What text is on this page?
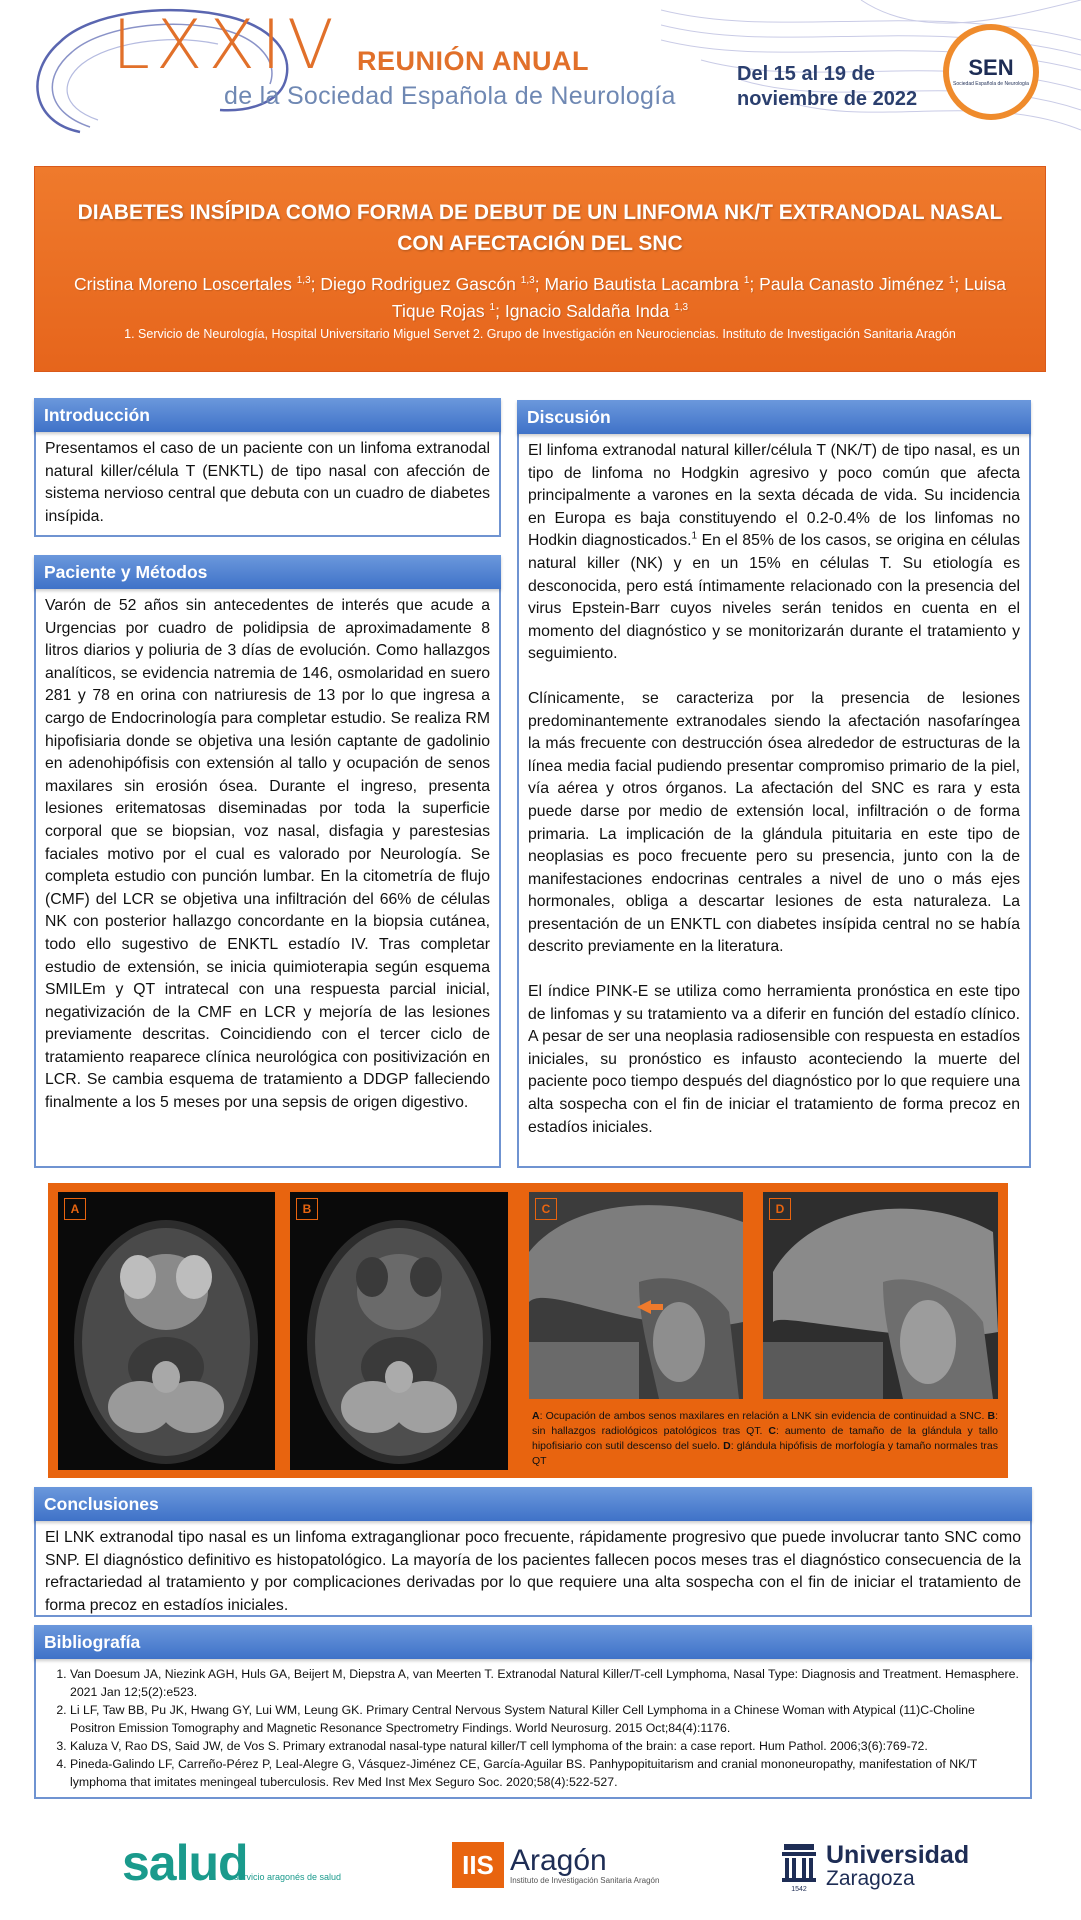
LXXIV REUNIÓN ANUAL
de la Sociedad Española de Neurología
Del 15 al 19 de noviembre de 2022
SEN
Sociedad Española de Neurología
DIABETES INSÍPIDA COMO FORMA DE DEBUT DE UN LINFOMA NK/T EXTRANODAL NASAL CON AFECTACIÓN DEL SNC
Cristina Moreno Loscertales $^{1,3}$; Diego Rodriguez Gascón $^{1,3}$; Mario Bautista Lacambra $^1$; Paula Canasto Jiménez $^1$; Luisa Tique Rojas $^1$; Ignacio Saldaña Inda $^{1,3}$
1. Servicio de Neurología, Hospital Universitario Miguel Servet 2. Grupo de Investigación en Neurociencias. Instituto de Investigación Sanitaria Aragón
Introducción
Presentamos el caso de un paciente con un linfoma extranodal natural killer/célula T (ENKTL) de tipo nasal con afección de sistema nervioso central que debuta con un cuadro de diabetes insípida.
Paciente y Métodos
Varón de 52 años sin antecedentes de interés que acude a Urgencias por cuadro de polidipsia de aproximadamente 8 litros diarios y poliuria de 3 días de evolución. Como hallazgos analíticos, se evidencia natremia de 146, osmolaridad en suero 281 y 78 en orina con natriuresis de 13 por lo que ingresa a cargo de Endocrinología para completar estudio. Se realiza RM hipofisiaria donde se objetiva una lesión captante de gadolinio en adenohipófisis con extensión al tallo y ocupación de senos maxilares sin erosión ósea. Durante el ingreso, presenta lesiones eritematosas diseminadas por toda la superficie corporal que se biopsian, voz nasal, disfagia y parestesias faciales motivo por el cual es valorado por Neurología. Se completa estudio con punción lumbar. En la citometría de flujo (CMF) del LCR se objetiva una infiltración del 66% de células NK con posterior hallazgo concordante en la biopsia cutánea, todo ello sugestivo de ENKTL estadío IV. Tras completar estudio de extensión, se inicia quimioterapia según esquema SMILEm y QT intratecal con una respuesta parcial inicial, negativización de la CMF en LCR y mejoría de las lesiones previamente descritas. Coincidiendo con el tercer ciclo de tratamiento reaparece clínica neurológica con positivización en LCR. Se cambia esquema de tratamiento a DDGP falleciendo finalmente a los 5 meses por una sepsis de origen digestivo.
Discusión

El linfoma extranodal natural killer/célula T (NK/T) de tipo nasal, es un tipo de linfoma no Hodgkin agresivo y poco común que afecta principalmente a varones en la sexta década de vida. Su incidencia en Europa es baja constituyendo el 0.2-0.4% de los linfomas no Hodkin diagnosticados.$^1$ En el 85% de los casos, se origina en células natural killer (NK) y en un 15% en células T. Su etiología es desconocida, pero está íntimamente relacionado con la presencia del virus Epstein-Barr cuyos niveles serán tenidos en cuenta en el momento del diagnóstico y se monitorizarán durante el tratamiento y seguimiento.

Clínicamente, se caracteriza por la presencia de lesiones predominantemente extranodales siendo la afectación nasofaríngea la más frecuente con destrucción ósea alrededor de estructuras de la línea media facial pudiendo presentar compromiso primario de la piel, vía aérea y otros órganos. La afectación del SNC es rara y esta puede darse por medio de extensión local, infiltración o de forma primaria. La implicación de la glándula pituitaria en este tipo de neoplasias es poco frecuente pero su presencia, junto con la de manifestaciones endocrinas centrales a nivel de uno o más ejes hormonales, obliga a descartar lesiones de esta naturaleza. La presentación de un ENKTL con diabetes insípida central no se había descrito previamente en la literatura.

El índice PINK-E se utiliza como herramienta pronóstica en este tipo de linfomas y su tratamiento va a diferir en función del estadío clínico. A pesar de ser una neoplasia radiosensible con respuesta en estadíos iniciales, su pronóstico es infausto aconteciendo la muerte del paciente poco tiempo después del diagnóstico por lo que requiere una alta sospecha con el fin de iniciar el tratamiento de forma precoz en estadíos iniciales.

A	B	C	D
A: Ocupación de ambos senos maxilares en relación a LNK sin evidencia de continuidad a SNC. B: sin hallazgos radiológicos patológicos tras QT. C: aumento de tamaño de la glándula y tallo hipofisiario con sutil descenso del suelo. D: glándula hipófisis de morfología y tamaño normales tras QT
Conclusiones
El LNK extranodal tipo nasal es un linfoma extraganglionar poco frecuente, rápidamente progresivo que puede involucrar tanto SNC como SNP. El diagnóstico definitivo es histopatológico. La mayoría de los pacientes fallecen pocos meses tras el diagnóstico consecuencia de la refractariedad al tratamiento y por complicaciones derivadas por lo que requiere una alta sospecha con el fin de iniciar el tratamiento de forma precoz en estadíos iniciales.
Bibliografía
1. Van Doesum JA, Niezink AGH, Huls GA, Beijert M, Diepstra A, van Meerten T. Extranodal Natural Killer/T-cell Lymphoma, Nasal Type: Diagnosis and Treatment. Hemasphere. 2021 Jan 12;5(2):e523.
2. Li LF, Taw BB, Pu JK, Hwang GY, Lui WM, Leung GK. Primary Central Nervous System Natural Killer Cell Lymphoma in a Chinese Woman with Atypical (11)C-Choline Positron Emission Tomography and Magnetic Resonance Spectrometry Findings. World Neurosurg. 2015 Oct;84(4):1176.
3. Kaluza V, Rao DS, Said JW, de Vos S. Primary extranodal nasal-type natural killer/T cell lymphoma of the brain: a case report. Hum Pathol. 2006;3(6):769-72.
4. Pineda-Galindo LF, Carreño-Pérez P, Leal-Alegre G, Vásquez-Jiménez CE, García-Aguilar BS. Panhypopituitarism and cranial mononeuropathy, manifestation of NK/T lymphoma that imitates meningeal tuberculosis. Rev Med Inst Mex Seguro Soc. 2020;58(4):522-527.
salud
servicio aragonés de salud	IIS Aragón
Instituto de Investigación Sanitaria Aragón
1542
Universidad
Zaragoza
